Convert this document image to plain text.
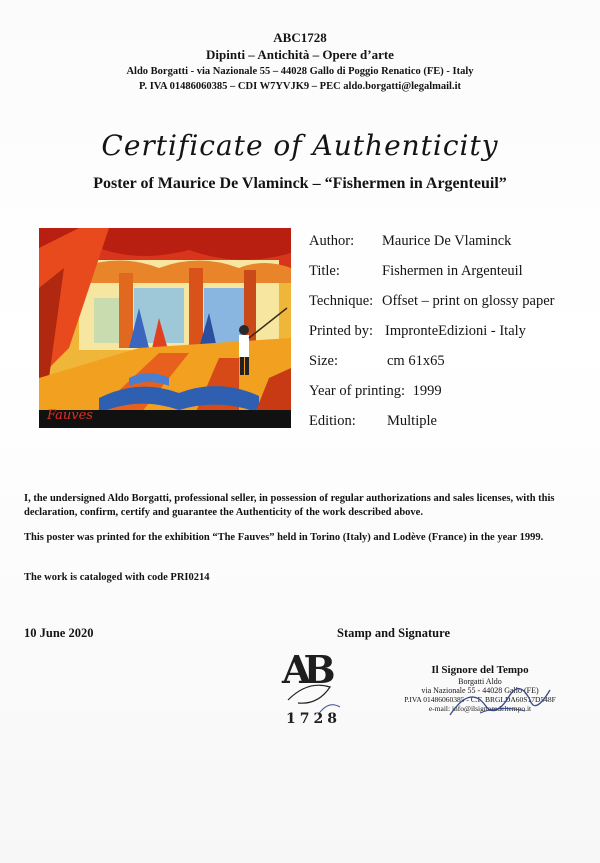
ABC1728
Dipinti – Antichità – Opere d’arte
Aldo Borgatti - via Nazionale 55 – 44028 Gallo di Poggio Renatico (FE) - Italy
P. IVA 01486060385 – CDI W7YVJK9 – PEC aldo.borgatti@legalmail.it
Certificate of Authenticity
Poster of Maurice De Vlaminck – “Fishermen in Argenteuil”
Fauves
Author: Maurice De Vlaminck
Title:	Fishermen in Argenteuil
Technique: Offset – print on glossy paper
Printed by: ImpronteEdizioni - Italy
Size:	cm 61x65
Year of printing: 1999
Edition: Multiple
I, the undersigned Aldo Borgatti, professional seller, in possession of regular authorizations and sales licenses, with this declaration, confirm, certify and guarantee the Authenticity of the work described above.
This poster was printed for the exhibition “The Fauves” held in Torino (Italy) and Lodève (France) in the year 1999.
The work is cataloged with code PRI0214
10 June 2020	Stamp and Signature
AB
1728
Il Signore del Tempo
Borgatti Aldo
via Nazionale 55 - 44028 Gallo (FE)
P.IVA 01486060385 - C.F. BRGLDA60S17D548F
e-mail: info@ilsignoredeltempo.it
